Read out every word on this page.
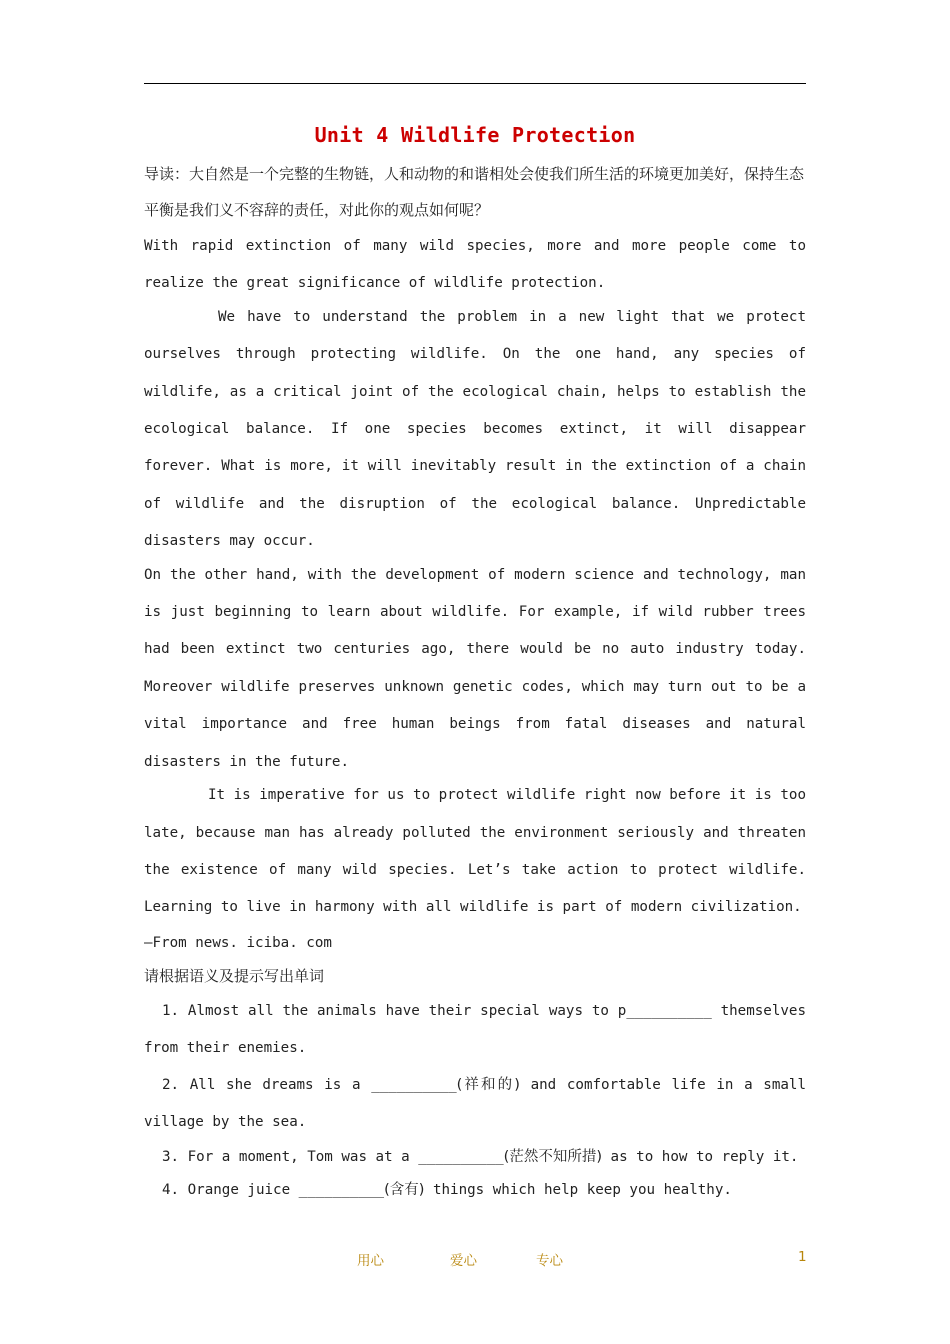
Unit 4 Wildlife Protection

导读：大自然是一个完整的生物链，人和动物的和谐相处会使我们所生活的环境更加美好，保持生态平衡是我们义不容辞的责任，对此你的观点如何呢？

With rapid extinction of many wild species, more and more people come to realize the great significance of wildlife protection.

We have to understand the problem in a new light that we protect ourselves through protecting wildlife. On the one hand, any species of wildlife, as a critical joint of the ecological chain, helps to establish the ecological balance. If one species becomes extinct, it will disappear forever. What is more, it will inevitably result in the extinction of a chain of wildlife and the disruption of the ecological balance. Unpredictable disasters may occur.

On the other hand, with the development of modern science and technology, man is just beginning to learn about wildlife. For example, if wild rubber trees had been extinct two centuries ago, there would be no auto industry today. Moreover wildlife preserves unknown genetic codes, which may turn out to be a vital importance and free human beings from fatal diseases and natural disasters in the future.

It is imperative for us to protect wildlife right now before it is too late, because man has already polluted the environment seriously and threaten the existence of many wild species. Let’s take action to protect wildlife. Learning to live in harmony with all wildlife is part of modern civilization.

—From news. iciba. com

请根据语义及提示写出单词

1. Almost all the animals have their special ways to p__________ themselves from their enemies.

2. All she dreams is a __________(祥和的) and comfortable life in a small village by the sea.

3. For a moment, Tom was at a __________(茫然不知所措) as to how to reply it.

4. Orange juice __________(含有) things which help keep you healthy.

用心	爱心	专心	1
